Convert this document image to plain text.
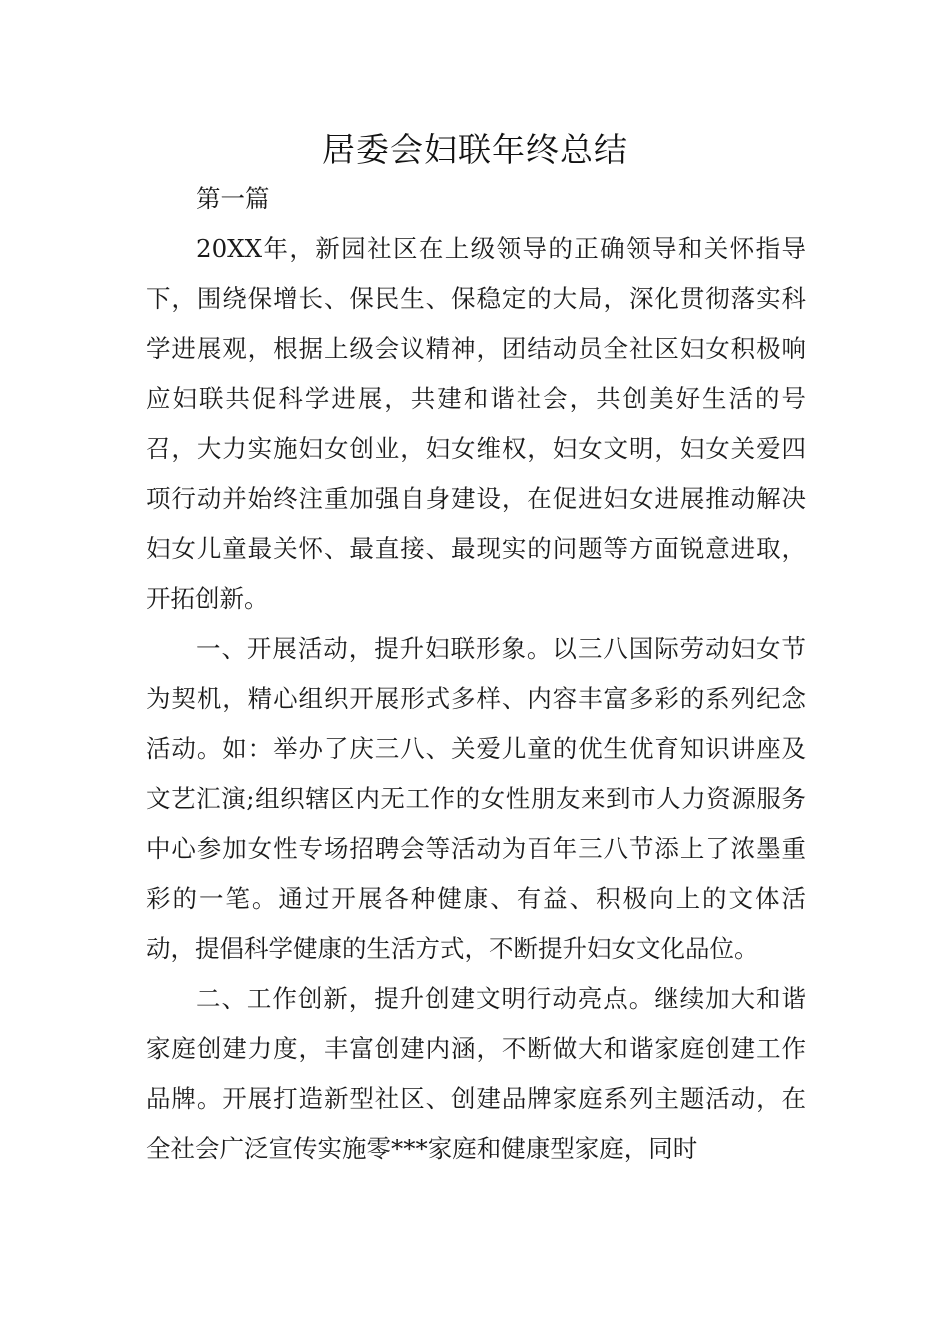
居委会妇联年终总结

第一篇

20XX年，新园社区在上级领导的正确领导和关怀指导下，围绕保增长、保民生、保稳定的大局，深化贯彻落实科学进展观，根据上级会议精神，团结动员全社区妇女积极响应妇联共促科学进展，共建和谐社会，共创美好生活的号召，大力实施妇女创业，妇女维权，妇女文明，妇女关爱四项行动并始终注重加强自身建设，在促进妇女进展推动解决妇女儿童最关怀、最直接、最现实的问题等方面锐意进取，开拓创新。

一、开展活动，提升妇联形象。以三八国际劳动妇女节为契机，精心组织开展形式多样、内容丰富多彩的系列纪念活动。如：举办了庆三八、关爱儿童的优生优育知识讲座及文艺汇演;组织辖区内无工作的女性朋友来到市人力资源服务中心参加女性专场招聘会等活动为百年三八节添上了浓墨重彩的一笔。通过开展各种健康、有益、积极向上的文体活动，提倡科学健康的生活方式，不断提升妇女文化品位。

二、工作创新，提升创建文明行动亮点。继续加大和谐家庭创建力度，丰富创建内涵，不断做大和谐家庭创建工作品牌。开展打造新型社区、创建品牌家庭系列主题活动，在全社会广泛宣传实施零***家庭和健康型家庭，同时
